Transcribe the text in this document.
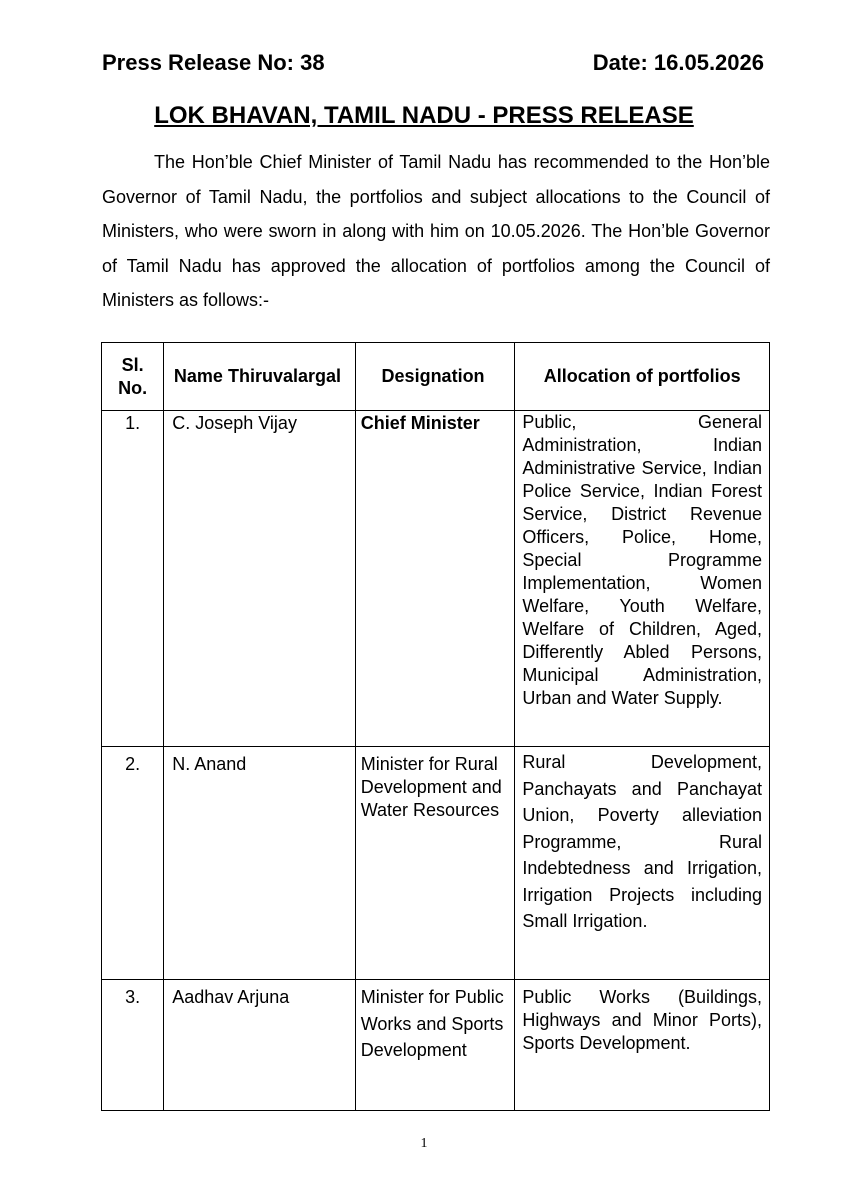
Press Release No: 38	Date: 16.05.2026
LOK BHAVAN, TAMIL NADU - PRESS RELEASE

The Hon’ble Chief Minister of Tamil Nadu has recommended to the Hon’ble Governor of Tamil Nadu, the portfolios and subject allocations to the Council of Ministers, who were sworn in along with him on 10.05.2026. The Hon’ble Governor of Tamil Nadu has approved the allocation of portfolios among the Council of Ministers as follows:-

Sl. No.	Name Thiruvalargal	Designation	Allocation of portfolios
1.	C. Joseph Vijay	Chief Minister	Public, General Administration, Indian Administrative Service, Indian Police Service, Indian Forest Service, District Revenue Officers, Police, Home, Special Programme Implementation, Women Welfare, Youth Welfare, Welfare of Children, Aged, Differently Abled Persons, Municipal Administration, Urban and Water Supply.
2.	N. Anand	Minister for Rural Development and Water Resources	Rural Development, Panchayats and Panchayat Union, Poverty alleviation Programme, Rural Indebtedness and Irrigation, Irrigation Projects including Small Irrigation.
3.	Aadhav Arjuna	Minister for Public Works and Sports Development	Public Works (Buildings, Highways and Minor Ports), Sports Development.
1
